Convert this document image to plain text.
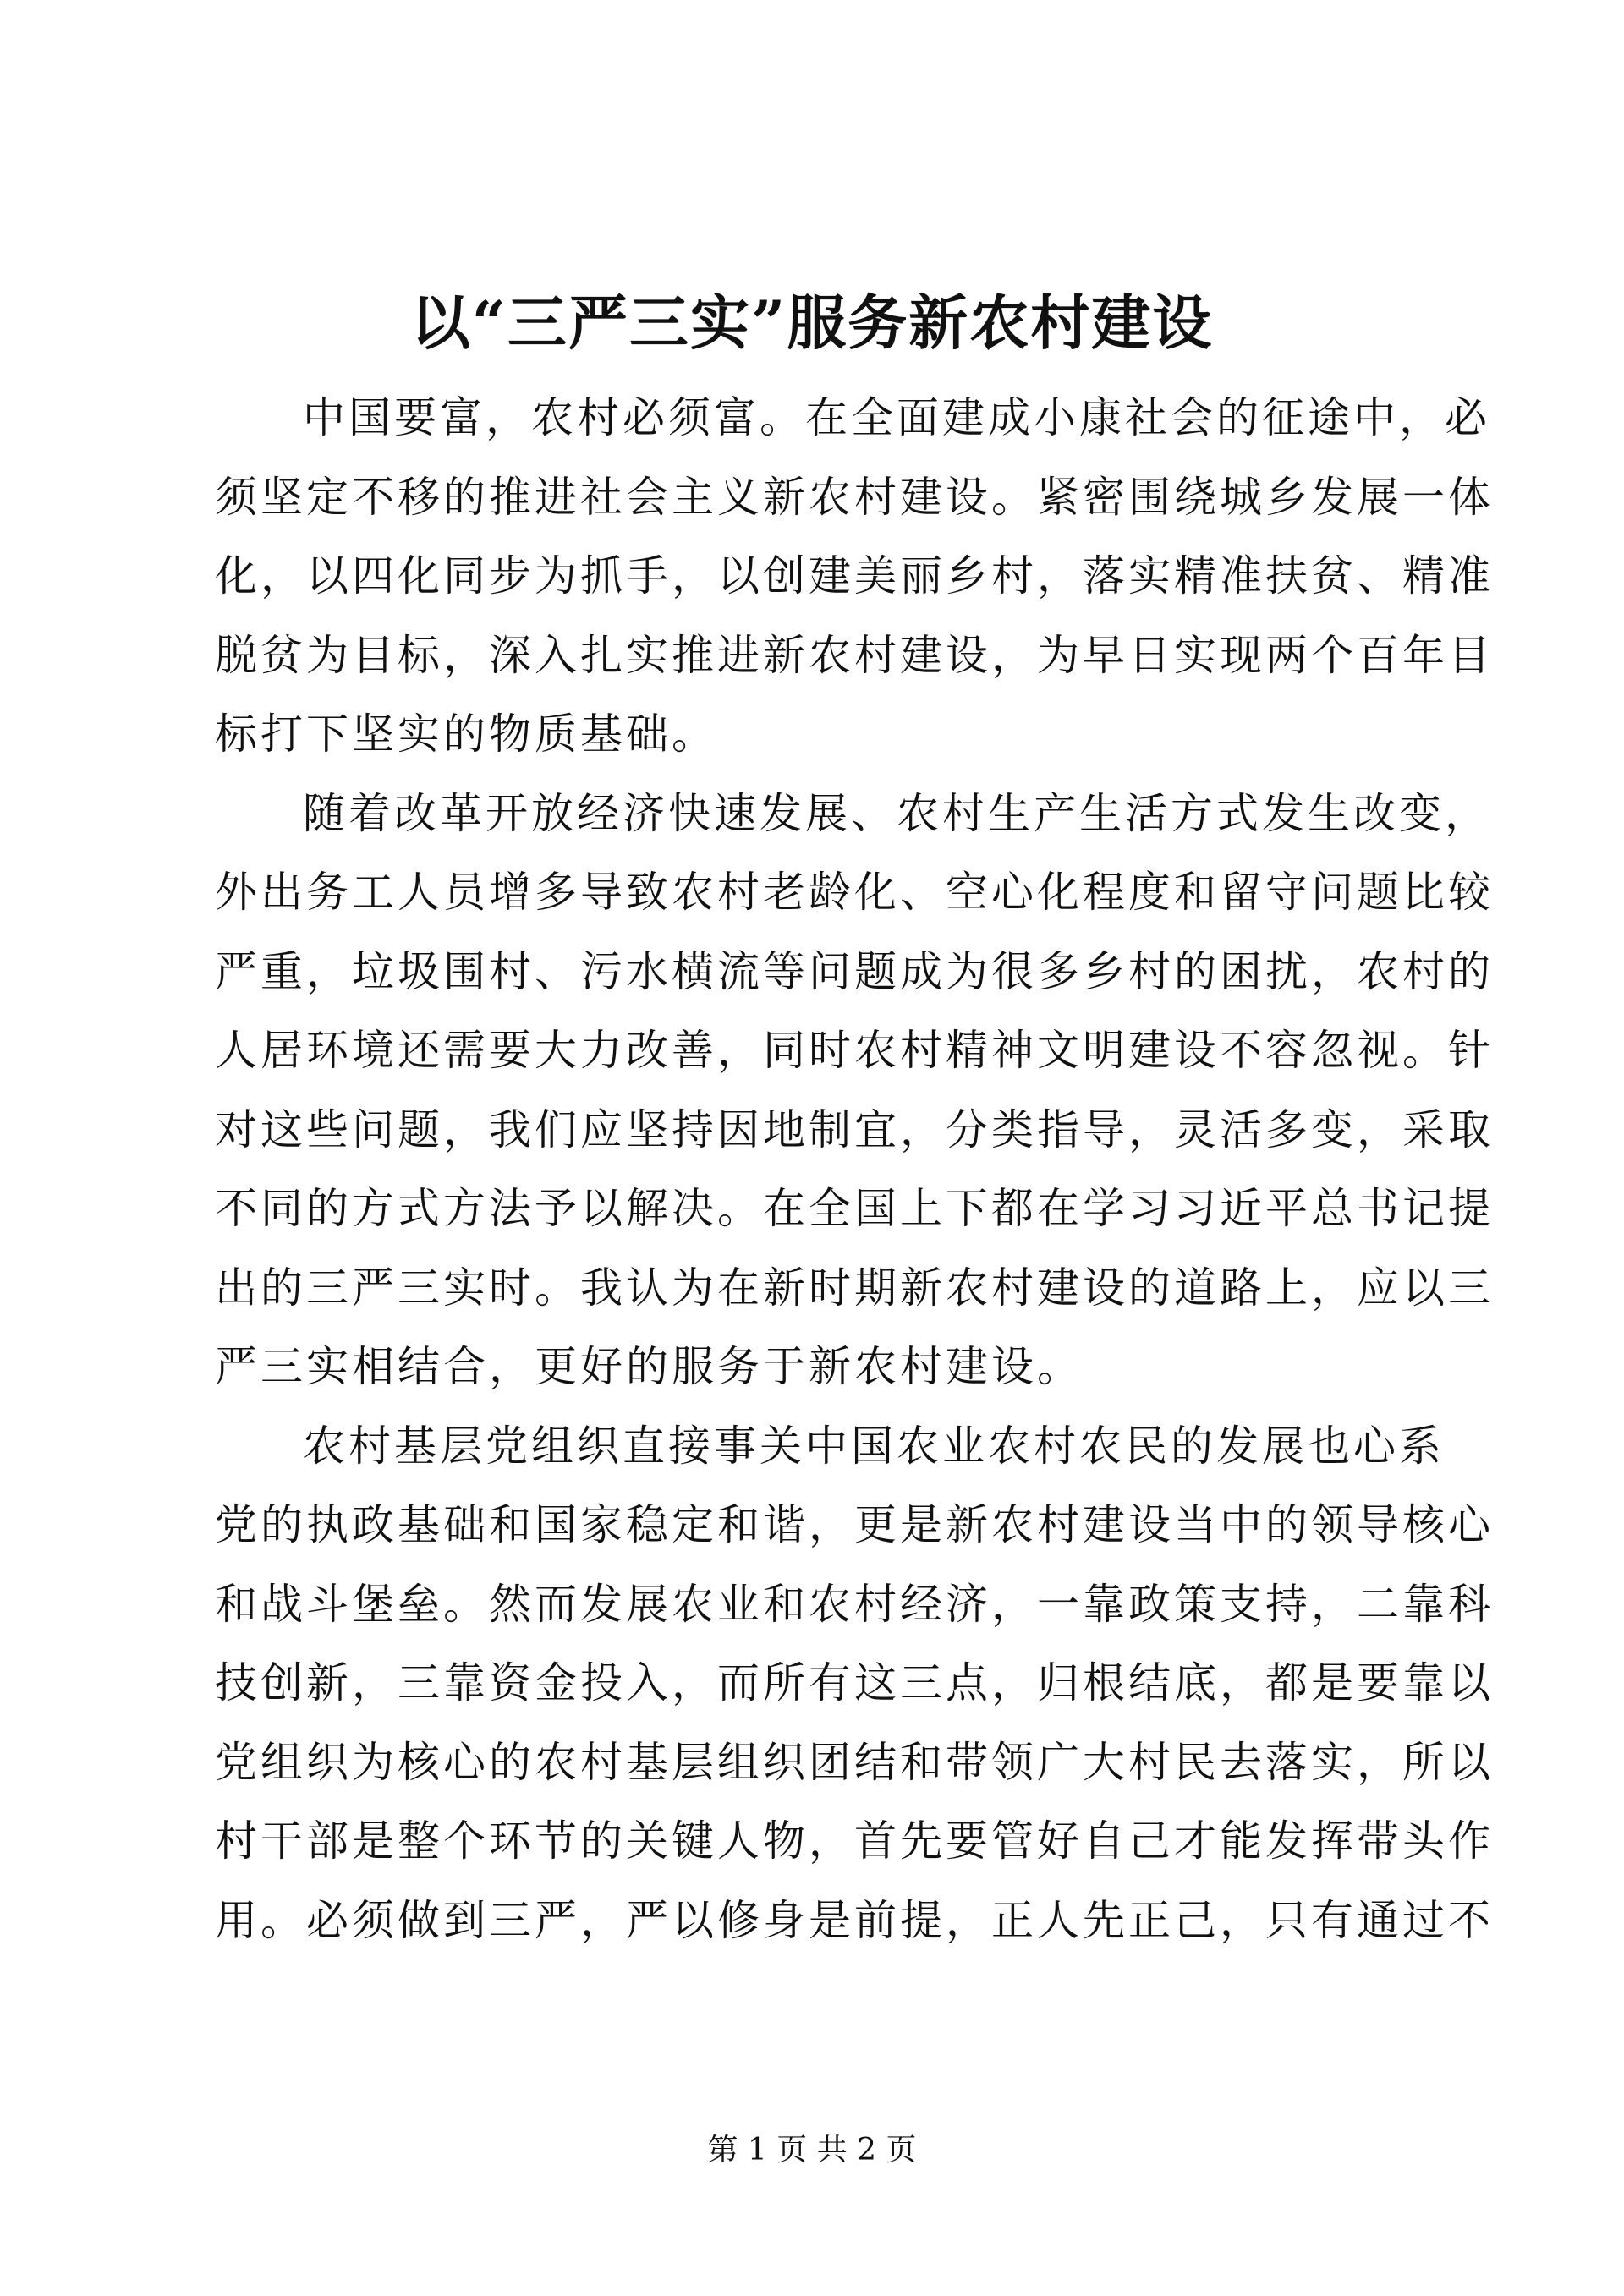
以“三严三实”服务新农村建设

中国要富，农村必须富。在全面建成小康社会的征途中，必
须坚定不移的推进社会主义新农村建设。紧密围绕城乡发展一体
化，以四化同步为抓手，以创建美丽乡村，落实精准扶贫、精准
脱贫为目标，深入扎实推进新农村建设，为早日实现两个百年目
标打下坚实的物质基础。

随着改革开放经济快速发展、农村生产生活方式发生改变，
外出务工人员增多导致农村老龄化、空心化程度和留守问题比较
严重，垃圾围村、污水横流等问题成为很多乡村的困扰，农村的
人居环境还需要大力改善，同时农村精神文明建设不容忽视。针
对这些问题，我们应坚持因地制宜，分类指导，灵活多变，采取
不同的方式方法予以解决。在全国上下都在学习习近平总书记提
出的三严三实时。我认为在新时期新农村建设的道路上，应以三
严三实相结合，更好的服务于新农村建设。

农村基层党组织直接事关中国农业农村农民的发展也心系
党的执政基础和国家稳定和谐，更是新农村建设当中的领导核心
和战斗堡垒。然而发展农业和农村经济，一靠政策支持，二靠科
技创新，三靠资金投入，而所有这三点，归根结底，都是要靠以
党组织为核心的农村基层组织团结和带领广大村民去落实，所以
村干部是整个环节的关键人物，首先要管好自己才能发挥带头作
用。必须做到三严，严以修身是前提，正人先正己，只有通过不

第 1 页 共 2 页
